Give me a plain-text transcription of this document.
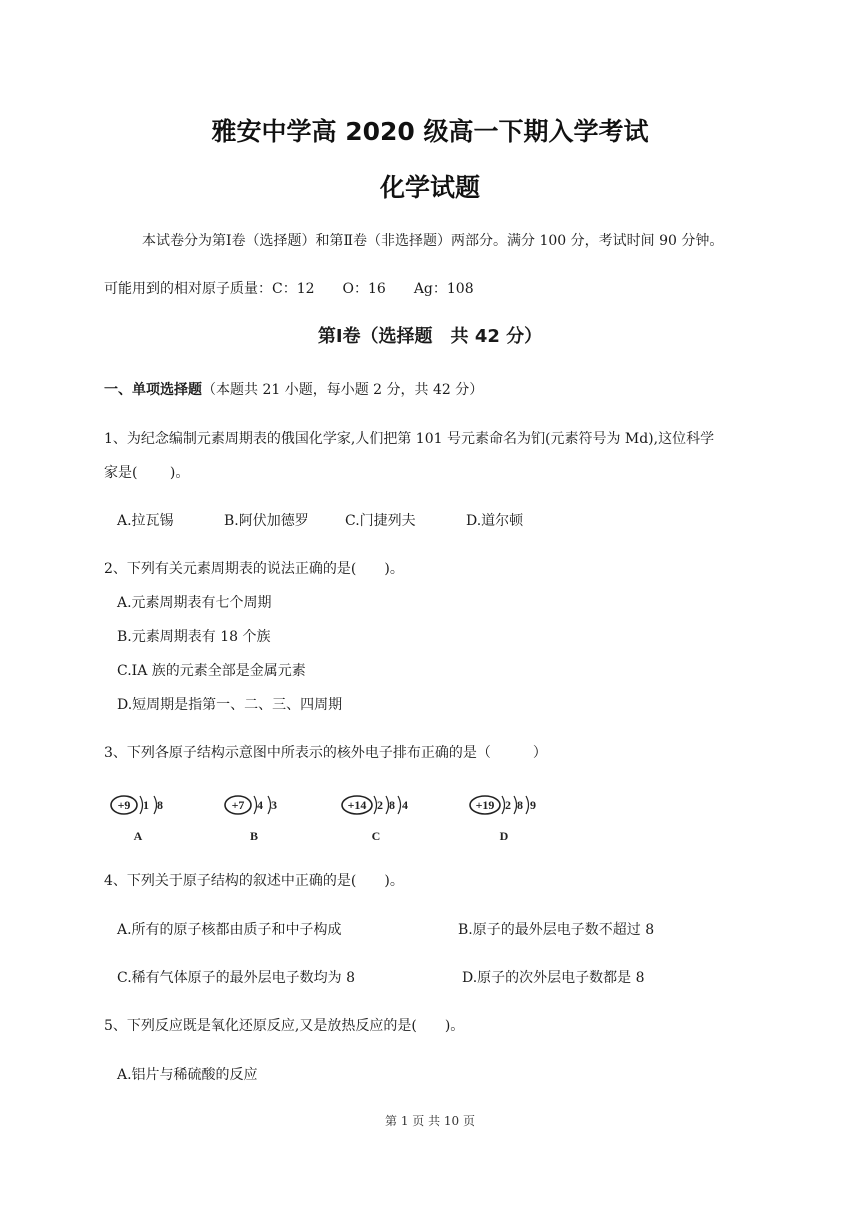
雅安中学高 2020 级高一下期入学考试
化学试题
本试卷分为第Ⅰ卷（选择题）和第Ⅱ卷（非选择题）两部分。满分 100 分，考试时间 90 分钟。
可能用到的相对原子质量：C：12　　O：16　　Ag：108
第Ⅰ卷（选择题　共 42 分）
一、单项选择题（本题共 21 小题，每小题 2 分，共 42 分）
1、为纪念编制元素周期表的俄国化学家,人们把第 101 号元素命名为钔(元素符号为 Md),这位科学
家是(　　 )。
A.拉瓦锡	B.阿伏加德罗	C.门捷列夫	D.道尔顿
2、下列有关元素周期表的说法正确的是(　　)。
A.元素周期表有七个周期
B.元素周期表有 18 个族
C.ⅠA 族的元素全部是金属元素
D.短周期是指第一、二、三、四周期
3、下列各原子结构示意图中所表示的核外电子排布正确的是（　　　）
+9 1 8
A
+7 4 3
B
+14 2 8 4
C
+19 2 8 9
D
4、下列关于原子结构的叙述中正确的是(　　)。
A.所有的原子核都由质子和中子构成	B.原子的最外层电子数不超过 8
C.稀有气体原子的最外层电子数均为 8	D.原子的次外层电子数都是 8
5、下列反应既是氧化还原反应,又是放热反应的是(　　)。
A.铝片与稀硫酸的反应
第 1 页 共 10 页
